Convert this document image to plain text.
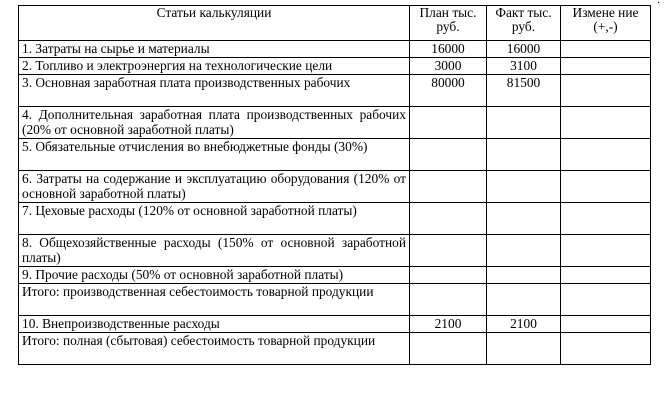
.
Статьи калькуляции	План тыс. руб.	Факт тыс. руб.	Измене ние (+,-)
1. Затраты на сырье и материалы	16000	16000	
2. Топливо и электроэнергия на технологические цели	3000	3100	
3. Основная заработная плата производственных рабочих	80000	81500	
4. Дополнительная заработная плата производственных рабочих (20% от основной заработной платы)			
5. Обязательные отчисления во внебюджетные фонды (30%)			
6. Затраты на содержание и эксплуатацию оборудования (120% от основной заработной платы)			
7. Цеховые расходы (120% от основной заработной платы)			
8. Общехозяйственные расходы (150% от основной заработной платы)			
9. Прочие расходы (50% от основной заработной платы)			
Итого: производственная себестоимость товарной продукции			
10. Внепроизводственные расходы	2100	2100	
Итого: полная (сбытовая) себестоимость товарной продукции			
